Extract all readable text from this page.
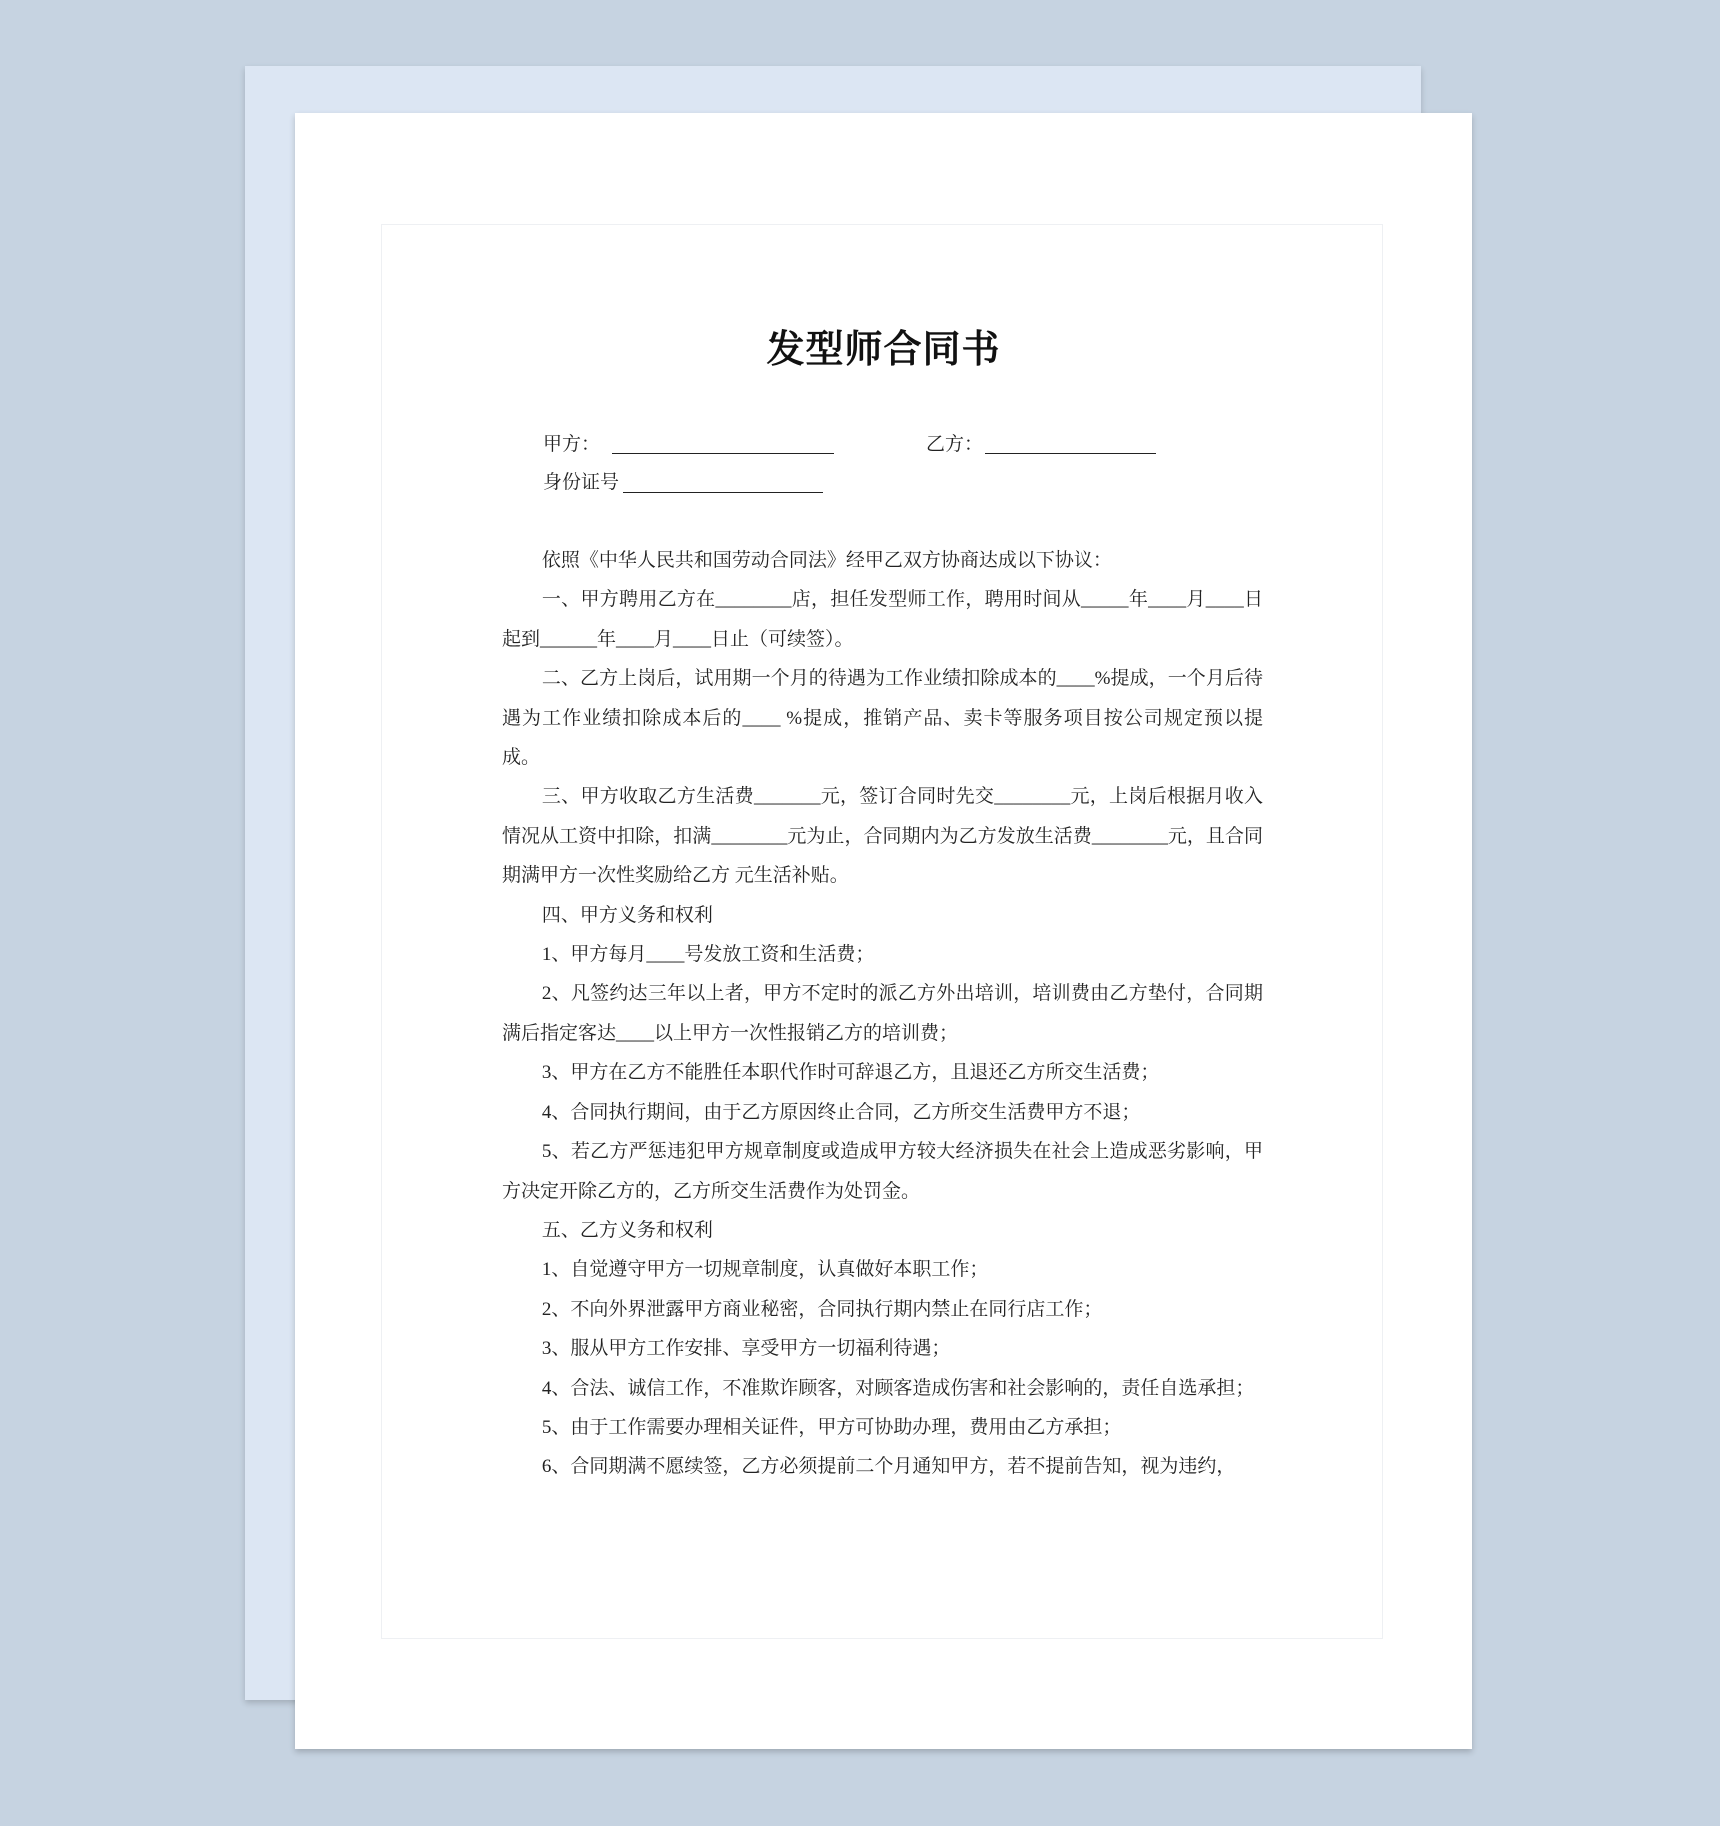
发型师合同书
甲方：	乙方：
身份证号

依照《中华人民共和国劳动合同法》经甲乙双方协商达成以下协议：

一、甲方聘用乙方在________店，担任发型师工作，聘用时间从_____年____月____日起到______年____月____日止（可续签）。

二、乙方上岗后，试用期一个月的待遇为工作业绩扣除成本的____%提成，一个月后待遇为工作业绩扣除成本后的____ %提成，推销产品、卖卡等服务项目按公司规定预以提成。

三、甲方收取乙方生活费_______元，签订合同时先交________元，上岗后根据月收入情况从工资中扣除，扣满________元为止，合同期内为乙方发放生活费________元，且合同期满甲方一次性奖励给乙方 元生活补贴。

四、甲方义务和权利

1、甲方每月____号发放工资和生活费；

2、凡签约达三年以上者，甲方不定时的派乙方外出培训，培训费由乙方垫付，合同期满后指定客达____以上甲方一次性报销乙方的培训费；

3、甲方在乙方不能胜任本职代作时可辞退乙方，且退还乙方所交生活费；

4、合同执行期间，由于乙方原因终止合同，乙方所交生活费甲方不退；

5、若乙方严惩违犯甲方规章制度或造成甲方较大经济损失在社会上造成恶劣影响，甲方决定开除乙方的，乙方所交生活费作为处罚金。

五、乙方义务和权利

1、自觉遵守甲方一切规章制度，认真做好本职工作；

2、不向外界泄露甲方商业秘密，合同执行期内禁止在同行店工作；

3、服从甲方工作安排、享受甲方一切福利待遇；

4、合法、诚信工作，不准欺诈顾客，对顾客造成伤害和社会影响的，责任自选承担；

5、由于工作需要办理相关证件，甲方可协助办理，费用由乙方承担；

6、合同期满不愿续签，乙方必须提前二个月通知甲方，若不提前告知，视为违约，
